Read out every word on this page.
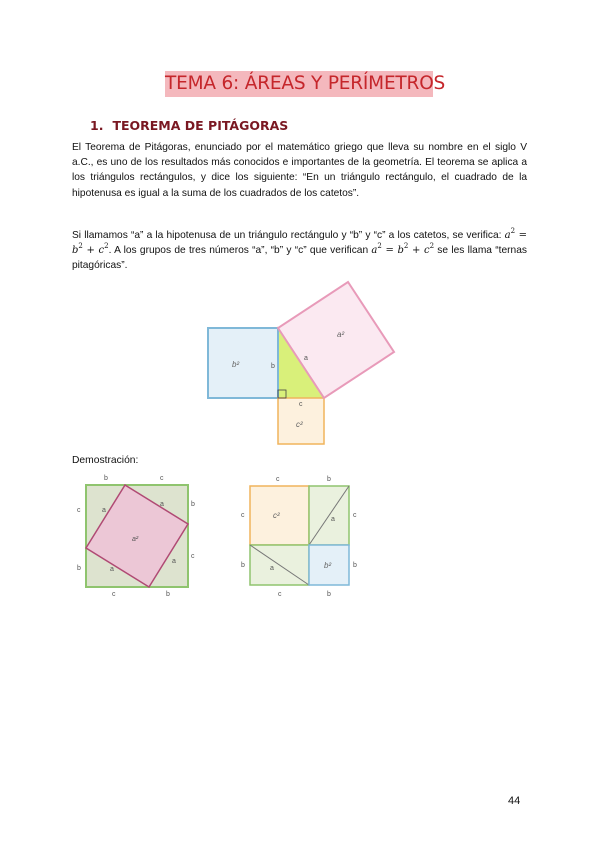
TEMA 6: ÁREAS Y PERÍMETROS
1. TEOREMA DE PITÁGORAS

El Teorema de Pitágoras, enunciado por el matemático griego que lleva su nombre en el siglo V a.C., es uno de los resultados más conocidos e importantes de la geometría. El teorema se aplica a los triángulos rectángulos, y dice los siguiente: “En un triángulo rectángulo, el cuadrado de la hipotenusa es igual a la suma de los cuadrados de los catetos”.

Si llamamos “a” a la hipotenusa de un triángulo rectángulo y “b” y “c” a los catetos, se verifica: $a^2 = b^2 + c^2$. A los grupos de tres números “a”, “b” y “c” que verifican $a^2 = b^2 + c^2$ se les llama “ternas pitagóricas”.

b²
a²
c²
a
b
c
Demostración:
b	c
b
c
c	b
c
b
a
a
a
a
a²
c	b
c
b
c
b
c	b
c²
b²
a
a
44
